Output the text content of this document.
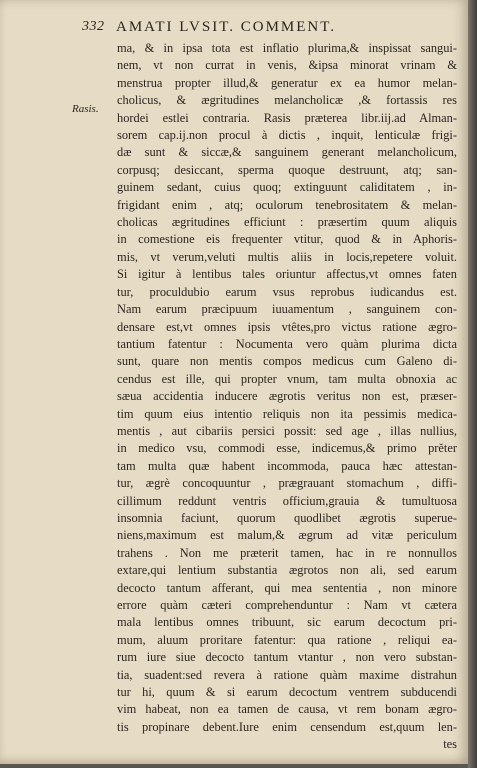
332 AMATI LVSIT. COMMENT.
Rasis.
ma, & in ipsa tota est inflatio plurima,& inspissat sangui-
nem, vt non currat in venis, &ipsa minorat vrinam &
menstrua propter illud,& generatur ex ea humor melan-
cholicus, & ægritudines melancholicæ ,& fortassis res
hordei estlei contraria. Rasis præterea libr.iij.ad Alman-
sorem cap.ij.non procul à dictis , inquit, lenticulæ frigi-
dæ sunt & siccæ,& sanguinem generant melancholicum,
corpusq; desiccant, sperma quoque destruunt, atq; san-
guinem sedant, cuius quoq; extinguunt caliditatem , in-
frigidant enim , atq; oculorum tenebrositatem & melan-
cholicas ægritudines efficiunt : præsertim quum aliquis
in comestione eis frequenter vtitur, quod & in Aphoris-
mis, vt verum,veluti multis aliis in locis,repetere voluit.
Si igitur à lentibus tales oriuntur affectus,vt omnes faten
tur, proculdubio earum vsus reprobus iudicandus est.
Nam earum præcipuum iuuamentum , sanguinem con-
densare est,vt omnes ipsis vtêtes,pro victus ratione ægro-
tantium fatentur : Nocumenta vero quàm plurima dicta
sunt, quare non mentis compos medicus cum Galeno di-
cendus est ille, qui propter vnum, tam multa obnoxia ac
sæua accidentia inducere ægrotis veritus non est, præser-
tim quum eius intentio reliquis non ita pessimis medica-
mentis , aut cibariis persici possit: sed age , illas nullius,
in medico vsu, commodi esse, indicemus,& primo prĕter
tam multa quæ habent incommoda, pauca hæc attestan-
tur, ægrè concoquuntur , prægrauant stomachum , diffi-
cillimum reddunt ventris officium,grauia & tumultuosa
insomnia faciunt, quorum quodlibet ægrotis superue-
niens,maximum est malum,& ægrum ad vitæ periculum
trahens . Non me præterit tamen, hac in re nonnullos
extare,qui lentium substantia ægrotos non ali, sed earum
decocto tantum afferant, qui mea sententia , non minore
errore quàm cæteri comprehenduntur : Nam vt cætera
mala lentibus omnes tribuunt, sic earum decoctum pri-
mum, aluum proritare fatentur: qua ratione , reliqui ea-
rum iure siue decocto tantum vtantur , non vero substan-
tia, suadent:sed revera à ratione quàm maxime distrahun
tur hi, quum & si earum decoctum ventrem subducendi
vim habeat, non ea tamen de causa, vt rem bonam ægro-
tis propinare debent.Iure enim censendum est,quum len-
tes
